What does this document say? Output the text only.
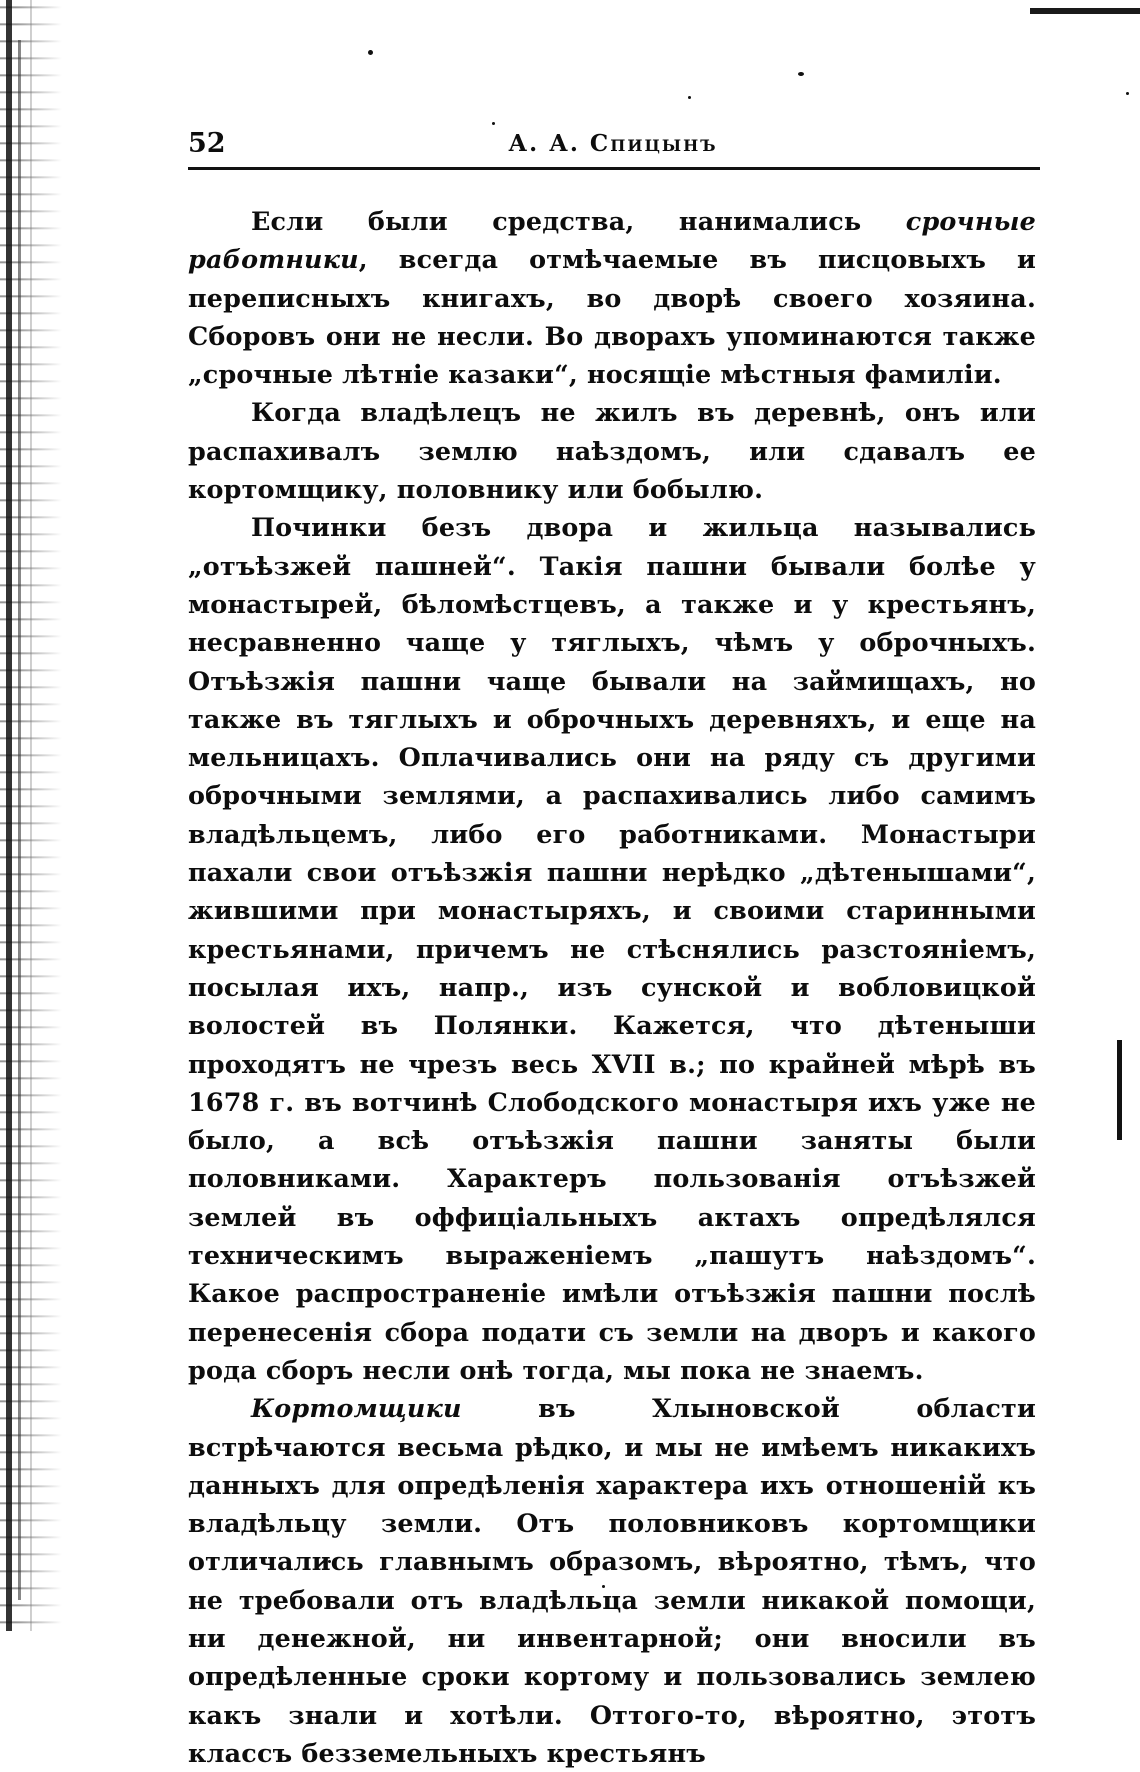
52	А. А. Спицынъ

Если были средства, нанимались срочные работники, всегда отмѣчаемые въ писцовыхъ и переписныхъ книгахъ, во дворѣ своего хозяина. Сборовъ они не несли. Во дворахъ упоминаются также „срочные лѣтніе казаки“, носящіе мѣстныя фамиліи.

Когда владѣлецъ не жилъ въ деревнѣ, онъ или распахивалъ землю наѣздомъ, или сдавалъ ее кортомщику, половнику или бобылю.

Починки безъ двора и жильца назывались „отъѣзжей пашней“. Такія пашни бывали болѣе у монастырей, бѣломѣстцевъ, а также и у крестьянъ, несравненно чаще у тяглыхъ, чѣмъ у оброчныхъ. Отъѣзжія пашни чаще бывали на займищахъ, но также въ тяглыхъ и оброчныхъ деревняхъ, и еще на мельницахъ. Оплачивались они на ряду съ другими оброчными землями, а распахивались либо самимъ владѣльцемъ, либо его работниками. Монастыри пахали свои отъѣзжія пашни нерѣдко „дѣтенышами“, жившими при монастыряхъ, и своими старинными крестьянами, причемъ не стѣснялись разстояніемъ, посылая ихъ, напр., изъ сунской и вобловицкой волостей въ Полянки. Кажется, что дѣтеныши проходятъ не чрезъ весь XVII в.; по крайней мѣрѣ въ 1678 г. въ вотчинѣ Слободского монастыря ихъ уже не было, а всѣ отъѣзжія пашни заняты были половниками. Характеръ пользованія отъѣзжей землей въ оффиціальныхъ актахъ опредѣлялся техническимъ выраженіемъ „пашутъ наѣздомъ“. Какое распространеніе имѣли отъѣзжія пашни послѣ перенесенія сбора подати съ земли на дворъ и какого рода сборъ несли онѣ тогда, мы пока не знаемъ.

Кортомщики въ Хлыновской области встрѣчаются весьма рѣдко, и мы не имѣемъ никакихъ данныхъ для опредѣленія характера ихъ отношеній къ владѣльцу земли. Отъ половниковъ кортомщики отличались главнымъ образомъ, вѣроятно, тѣмъ, что не требовали отъ владѣльца земли никакой помощи, ни денежной, ни инвентарной; они вносили въ опредѣленные сроки кортому и пользовались землею какъ знали и хотѣли. Оттого-то, вѣроятно, этотъ классъ безземельныхъ крестьянъ
